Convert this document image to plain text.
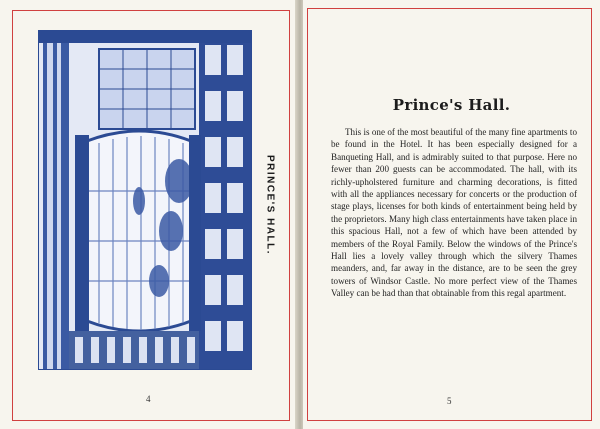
PRINCE'S HALL.
4
Prince's Hall.

This is one of the most beautiful of the many fine apartments to be found in the Hotel. It has been especially designed for a Banqueting Hall, and is admirably suited to that purpose. Here no fewer than 200 guests can be accommodated. The hall, with its richly-upholstered furniture and charming decorations, is fitted with all the appliances necessary for concerts or the production of stage plays, licenses for both kinds of entertainment being held by the proprietors. Many high class entertainments have taken place in this spacious Hall, not a few of which have been attended by members of the Royal Family. Below the windows of the Prince's Hall lies a lovely valley through which the silvery Thames meanders, and, far away in the distance, are to be seen the grey towers of Windsor Castle. No more perfect view of the Thames Valley can be had than that obtainable from this regal apartment.

5
